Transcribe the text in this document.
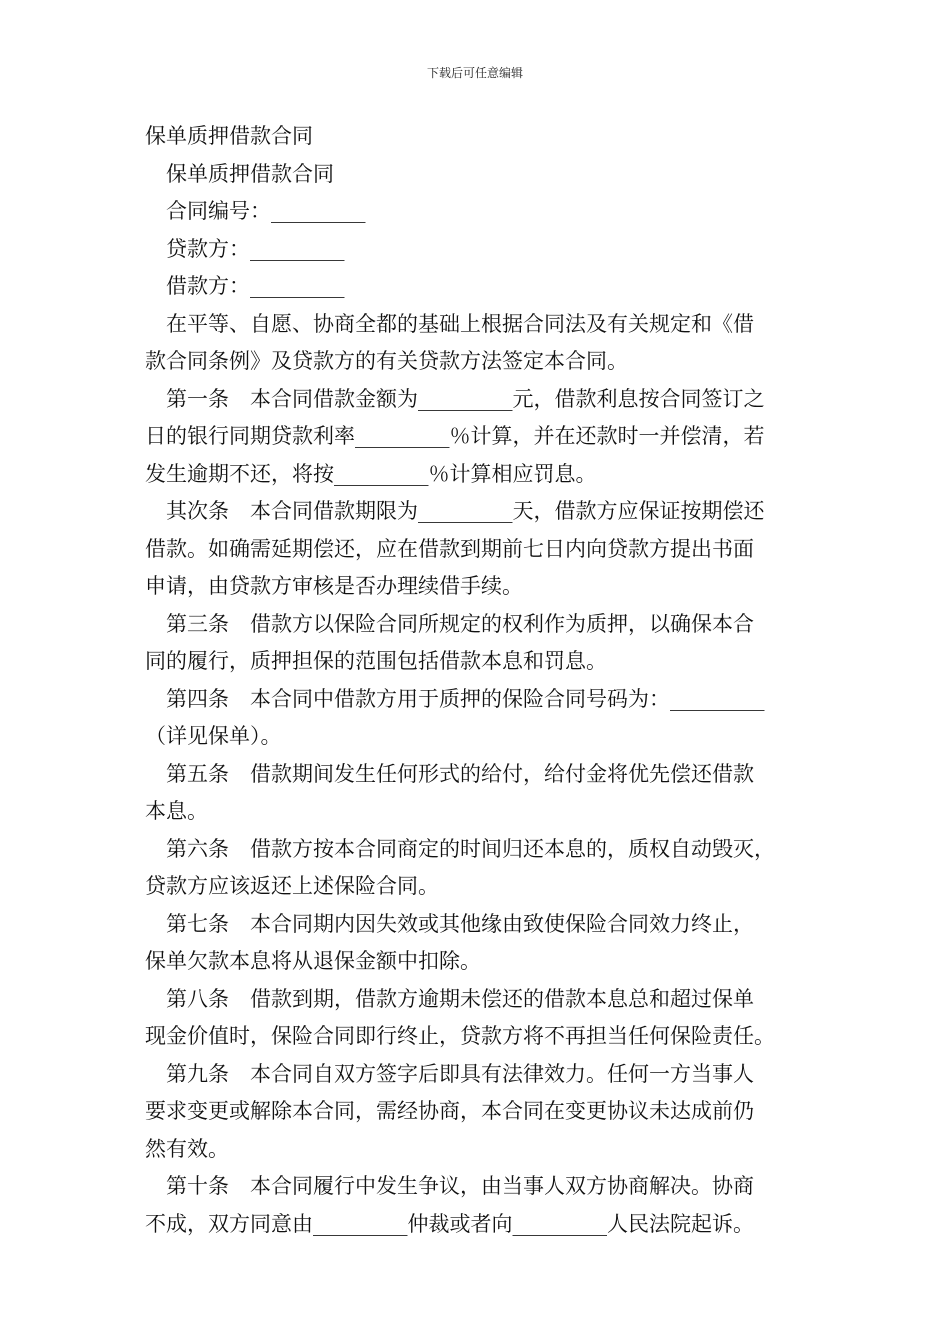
下载后可任意编辑
保单质押借款合同
保单质押借款合同
合同编号：_________
贷款方：_________
借款方：_________
在平等、自愿、协商全都的基础上根据合同法及有关规定和《借
款合同条例》及贷款方的有关贷款方法签定本合同。
第一条　本合同借款金额为_________元，借款利息按合同签订之
日的银行同期贷款利率_________％计算，并在还款时一并偿清，若
发生逾期不还，将按_________％计算相应罚息。
其次条　本合同借款期限为_________天，借款方应保证按期偿还
借款。如确需延期偿还，应在借款到期前七日内向贷款方提出书面
申请，由贷款方审核是否办理续借手续。
第三条　借款方以保险合同所规定的权利作为质押，以确保本合
同的履行，质押担保的范围包括借款本息和罚息。
第四条　本合同中借款方用于质押的保险合同号码为：_________
（详见保单）。
第五条　借款期间发生任何形式的给付，给付金将优先偿还借款
本息。
第六条　借款方按本合同商定的时间归还本息的，质权自动毁灭，
贷款方应该返还上述保险合同。
第七条　本合同期内因失效或其他缘由致使保险合同效力终止，
保单欠款本息将从退保金额中扣除。
第八条　借款到期，借款方逾期未偿还的借款本息总和超过保单
现金价值时，保险合同即行终止，贷款方将不再担当任何保险责任。
第九条　本合同自双方签字后即具有法律效力。任何一方当事人
要求变更或解除本合同，需经协商，本合同在变更协议未达成前仍
然有效。
第十条　本合同履行中发生争议，由当事人双方协商解决。协商
不成，双方同意由_________仲裁或者向_________人民法院起诉。
